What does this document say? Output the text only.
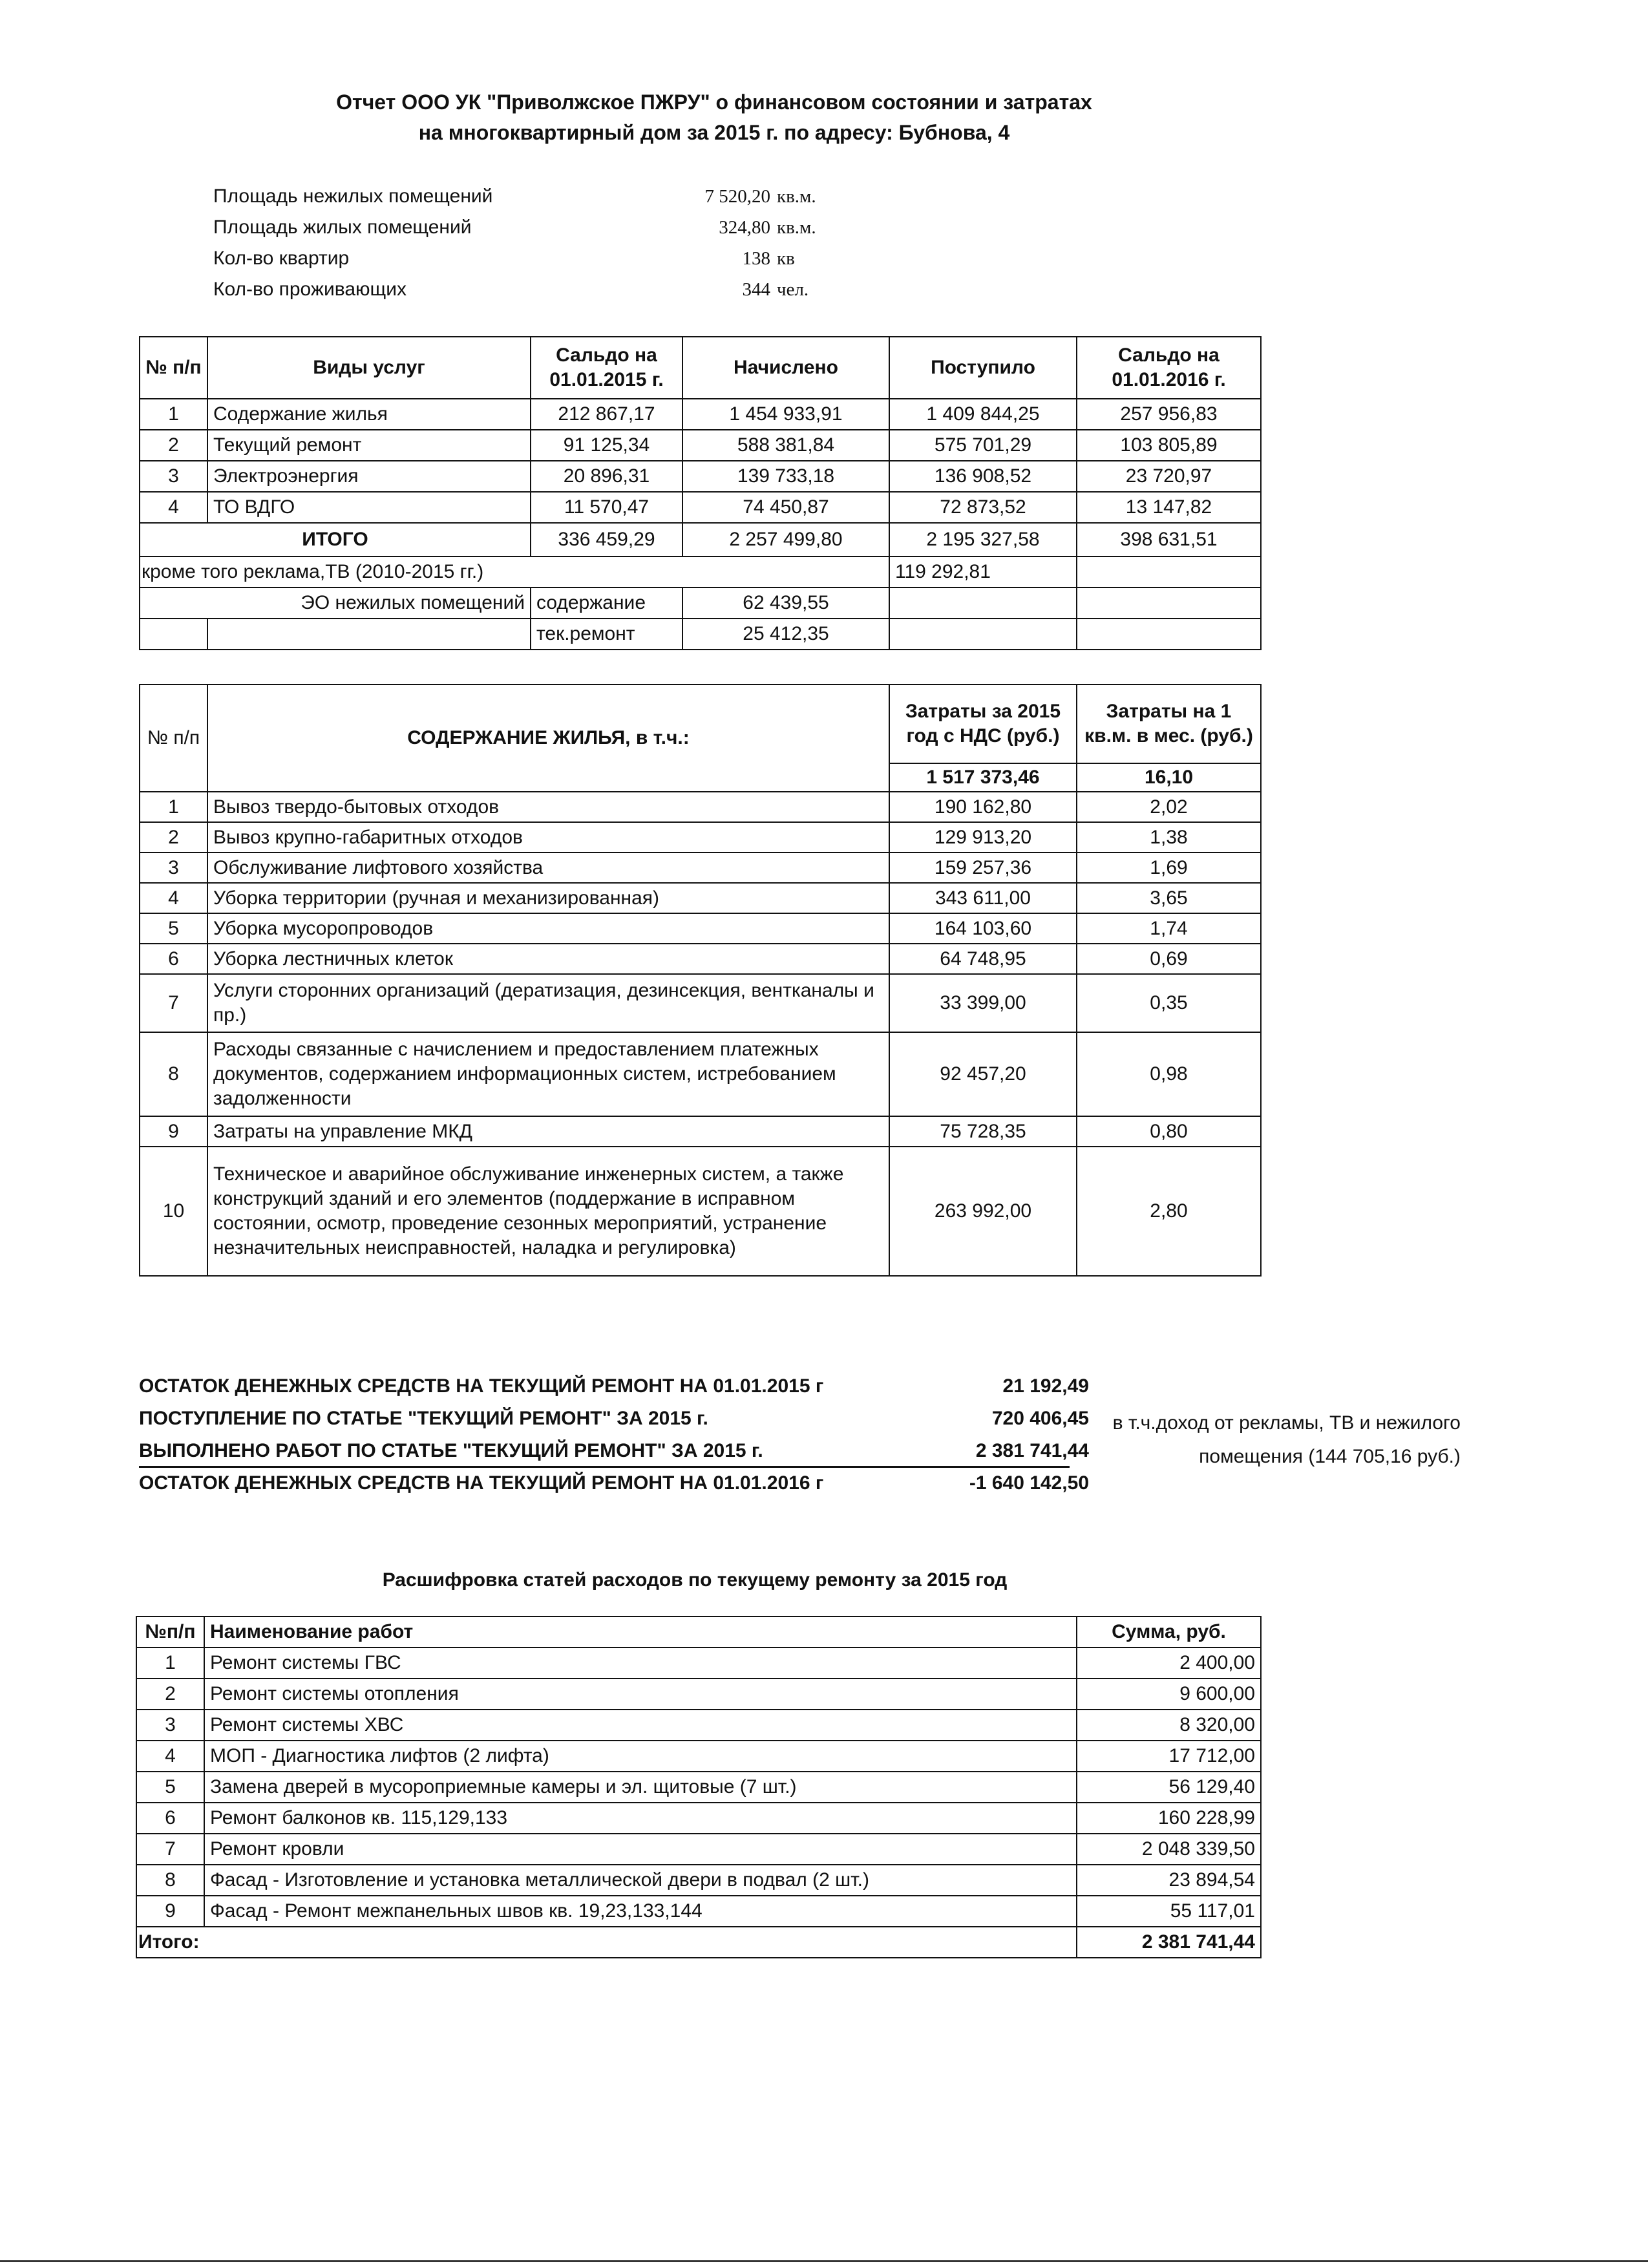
Отчет ООО УК "Приволжское ПЖРУ" о финансовом состоянии и затратах
на многоквартирный дом за 2015 г. по адресу: Бубнова, 4
Площадь нежилых помещений	7 520,20 кв.м.
Площадь жилых помещений	324,80 кв.м.
Кол-во квартир	138 кв
Кол-во проживающих	344 чел.
№ п/п	Виды услуг	Сальдо на 01.01.2015 г.	Начислено	Поступило	Сальдо на 01.01.2016 г.
1	Содержание жилья	212 867,17	1 454 933,91	1 409 844,25	257 956,83
2	Текущий ремонт	91 125,34	588 381,84	575 701,29	103 805,89
3	Электроэнергия	20 896,31	139 733,18	136 908,52	23 720,97
4	ТО ВДГО	11 570,47	74 450,87	72 873,52	13 147,82
ИТОГО		336 459,29	2 257 499,80	2 195 327,58	398 631,51
кроме того реклама,ТВ (2010-2015 гг.)				119 292,81	
ЭО нежилых помещений		содержание	62 439,55		
		тек.ремонт	25 412,35		
№ п/п	СОДЕРЖАНИЕ ЖИЛЬЯ, в т.ч.:	Затраты за 2015 год с НДС (руб.)	Затраты на 1 кв.м. в мес. (руб.)
		1 517 373,46	16,10
1	Вывоз твердо-бытовых отходов	190 162,80	2,02
2	Вывоз крупно-габаритных отходов	129 913,20	1,38
3	Обслуживание лифтового хозяйства	159 257,36	1,69
4	Уборка территории (ручная и механизированная)	343 611,00	3,65
5	Уборка мусоропроводов	164 103,60	1,74
6	Уборка лестничных клеток	64 748,95	0,69
7	Услуги сторонних организаций (дератизация, дезинсекция, вентканалы и пр.)	33 399,00	0,35
8	Расходы связанные с начислением и предоставлением платежных документов, содержанием информационных систем, истребованием задолженности	92 457,20	0,98
9	Затраты на управление МКД	75 728,35	0,80
10	Техническое и аварийное обслуживание инженерных систем, а также конструкций зданий и его элементов (поддержание в исправном состоянии, осмотр, проведение сезонных мероприятий, устранение незначительных неисправностей, наладка и регулировка)	263 992,00	2,80
ОСТАТОК ДЕНЕЖНЫХ СРЕДСТВ НА ТЕКУЩИЙ РЕМОНТ НА 01.01.2015 г	21 192,49
ПОСТУПЛЕНИЕ ПО СТАТЬЕ "ТЕКУЩИЙ РЕМОНТ" ЗА 2015 г.	720 406,45
ВЫПОЛНЕНО РАБОТ ПО СТАТЬЕ "ТЕКУЩИЙ РЕМОНТ" ЗА 2015 г.	2 381 741,44
ОСТАТОК ДЕНЕЖНЫХ СРЕДСТВ НА ТЕКУЩИЙ РЕМОНТ НА 01.01.2016 г	-1 640 142,50
в т.ч.доход от рекламы, ТВ и нежилого
помещения (144 705,16 руб.)
Расшифровка статей расходов по текущему ремонту за 2015 год
№п/п	Наименование работ	Сумма, руб.
1	Ремонт системы ГВС	2 400,00
2	Ремонт системы отопления	9 600,00
3	Ремонт системы ХВС	8 320,00
4	МОП - Диагностика лифтов (2 лифта)	17 712,00
5	Замена дверей в мусороприемные камеры и эл. щитовые (7 шт.)	56 129,40
6	Ремонт балконов кв. 115,129,133	160 228,99
7	Ремонт кровли	2 048 339,50
8	Фасад - Изготовление и установка металлической двери в подвал (2 шт.)	23 894,54
9	Фасад - Ремонт межпанельных швов кв. 19,23,133,144	55 117,01
Итого:		2 381 741,44
